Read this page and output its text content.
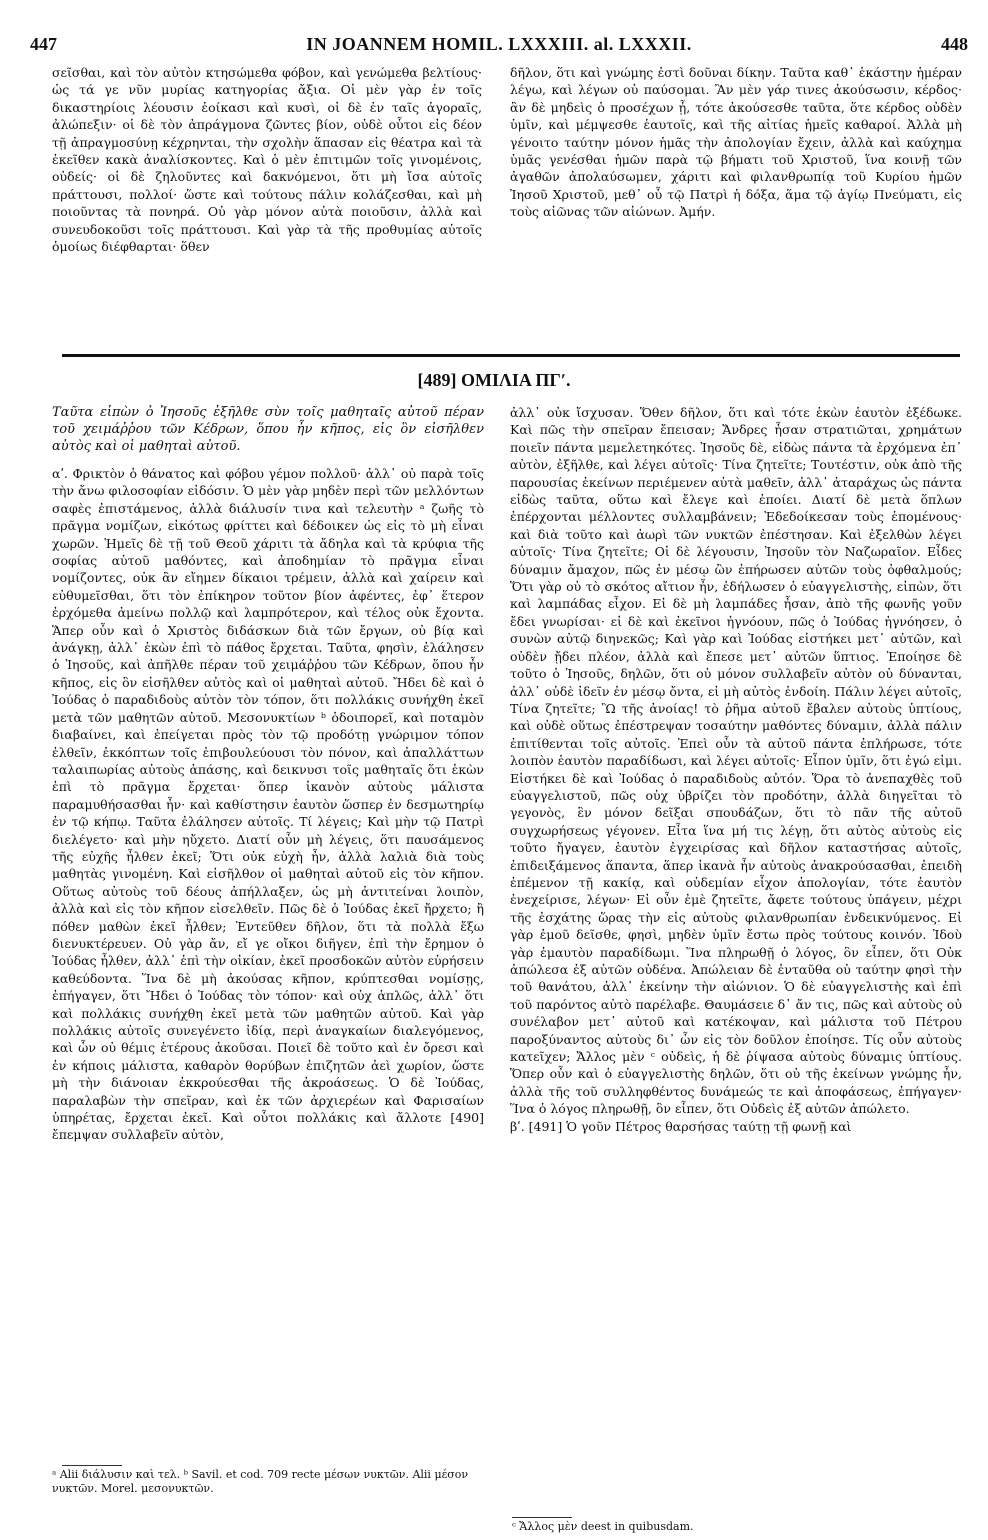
447	IN JOANNEM HOMIL. LXXXIII. al. LXXXII.	448

σεῖσθαι, καὶ τὸν αὐτὸν κτησώμεθα φόβον, καὶ γενώμεθα βελτίους· ὡς τά γε νῦν μυρίας κατηγορίας ἄξια. Οἱ μὲν γὰρ ἐν τοῖς δικαστηρίοις λέουσιν ἐοίκασι καὶ κυσὶ, οἱ δὲ ἐν ταῖς ἀγοραῖς, ἀλώπεξιν· οἱ δὲ τὸν ἀπράγμονα ζῶντες βίον, οὐδὲ οὗτοι εἰς δέον τῇ ἀπραγμοσύνῃ κέχρηνται, τὴν σχολὴν ἅπασαν εἰς θέατρα καὶ τὰ ἐκεῖθεν κακὰ ἀναλίσκοντες. Καὶ ὁ μὲν ἐπιτιμῶν τοῖς γινομένοις, οὐδείς· οἱ δὲ ζηλοῦντες καὶ δακνόμενοι, ὅτι μὴ ἴσα αὐτοῖς πράττουσι, πολλοί· ὥστε καὶ τούτους πάλιν κολάζεσθαι, καὶ μὴ ποιοῦντας τὰ πονηρά. Οὐ γὰρ μόνον αὐτὰ ποιοῦσιν, ἀλλὰ καὶ συνευδοκοῦσι τοῖς πράττουσι. Καὶ γὰρ τὰ τῆς προθυμίας αὐτοῖς ὁμοίως διέφθαρται· ὅθεν

δῆλον, ὅτι καὶ γνώμης ἐστὶ δοῦναι δίκην. Ταῦτα καθ᾿ ἑκάστην ἡμέραν λέγω, καὶ λέγων οὐ παύσομαι. Ἂν μὲν γάρ τινες ἀκούσωσιν, κέρδος· ἂν δὲ μηδεὶς ὁ προσέχων ᾖ, τότε ἀκούσεσθε ταῦτα, ὅτε κέρδος οὐδὲν ὑμῖν, καὶ μέμψεσθε ἑαυτοῖς, καὶ τῆς αἰτίας ἡμεῖς καθαροί. Ἀλλὰ μὴ γένοιτο ταύτην μόνον ἡμᾶς τὴν ἀπολογίαν ἔχειν, ἀλλὰ καὶ καύχημα ὑμᾶς γενέσθαι ἡμῶν παρὰ τῷ βήματι τοῦ Χριστοῦ, ἵνα κοινῇ τῶν ἀγαθῶν ἀπολαύσωμεν, χάριτι καὶ φιλανθρωπίᾳ τοῦ Κυρίου ἡμῶν Ἰησοῦ Χριστοῦ, μεθ᾿ οὗ τῷ Πατρὶ ἡ δόξα, ἅμα τῷ ἁγίῳ Πνεύματι, εἰς τοὺς αἰῶνας τῶν αἰώνων. Ἀμήν.

[489] ΟΜΙΛΙΑ ΠΓʹ.

Ταῦτα εἰπὼν ὁ Ἰησοῦς ἐξῆλθε σὺν τοῖς μαθηταῖς αὐτοῦ πέραν τοῦ χειμάῤῥου τῶν Κέδρων, ὅπου ἦν κῆπος, εἰς ὃν εἰσῆλθεν αὐτὸς καὶ οἱ μαθηταὶ αὐτοῦ.

αʹ. Φρικτὸν ὁ θάνατος καὶ φόβου γέμον πολλοῦ· ἀλλ᾿ οὐ παρὰ τοῖς τὴν ἄνω φιλοσοφίαν εἰδόσιν. Ὁ μὲν γὰρ μηδὲν περὶ τῶν μελλόντων σαφὲς ἐπιστάμενος, ἀλλὰ διάλυσίν τινα καὶ τελευτὴν ᵃ ζωῆς τὸ πρᾶγμα νομίζων, εἰκότως φρίττει καὶ δέδοικεν ὡς εἰς τὸ μὴ εἶναι χωρῶν. Ἡμεῖς δὲ τῇ τοῦ Θεοῦ χάριτι τὰ ἄδηλα καὶ τὰ κρύφια τῆς σοφίας αὐτοῦ μαθόντες, καὶ ἀποδημίαν τὸ πρᾶγμα εἶναι νομίζοντες, οὐκ ἂν εἴημεν δίκαιοι τρέμειν, ἀλλὰ καὶ χαίρειν καὶ εὐθυμεῖσθαι, ὅτι τὸν ἐπίκηρον τοῦτον βίον ἀφέντες, ἐφ᾿ ἕτερον ἐρχόμεθα ἀμείνω πολλῷ καὶ λαμπρότερον, καὶ τέλος οὐκ ἔχοντα. Ἅπερ οὖν καὶ ὁ Χριστὸς διδάσκων διὰ τῶν ἔργων, οὐ βίᾳ καὶ ἀνάγκῃ, ἀλλ᾿ ἑκὼν ἐπὶ τὸ πάθος ἔρχεται. Ταῦτα, φησὶν, ἐλάλησεν ὁ Ἰησοῦς, καὶ ἀπῆλθε πέραν τοῦ χειμάῤῥου τῶν Κέδρων, ὅπου ἦν κῆπος, εἰς ὃν εἰσῆλθεν αὐτὸς καὶ οἱ μαθηταὶ αὐτοῦ. Ἤδει δὲ καὶ ὁ Ἰούδας ὁ παραδιδοὺς αὐτὸν τὸν τόπον, ὅτι πολλάκις συνήχθη ἐκεῖ μετὰ τῶν μαθητῶν αὐτοῦ. Μεσονυκτίων ᵇ ὁδοιπορεῖ, καὶ ποταμὸν διαβαίνει, καὶ ἐπείγεται πρὸς τὸν τῷ προδότῃ γνώριμον τόπον ἐλθεῖν, ἐκκόπτων τοῖς ἐπιβουλεύουσι τὸν πόνον, καὶ ἀπαλλάττων ταλαιπωρίας αὐτοὺς ἁπάσης, καὶ δεικνυσι τοῖς μαθηταῖς ὅτι ἑκὼν ἐπὶ τὸ πρᾶγμα ἔρχεται· ὅπερ ἱκανὸν αὐτοὺς μάλιστα παραμυθήσασθαι ἦν· καὶ καθίστησιν ἑαυτὸν ὥσπερ ἐν δεσμωτηρίῳ ἐν τῷ κήπῳ. Ταῦτα ἐλάλησεν αὐτοῖς. Τί λέγεις; Καὶ μὴν τῷ Πατρὶ διελέγετο· καὶ μὴν ηὔχετο. Διατί οὖν μὴ λέγεις, ὅτι παυσάμενος τῆς εὐχῆς ἦλθεν ἐκεῖ; Ὅτι οὐκ εὐχὴ ἦν, ἀλλὰ λαλιὰ διὰ τοὺς μαθητὰς γινομένη. Καὶ εἰσῆλθον οἱ μαθηταὶ αὐτοῦ εἰς τὸν κῆπον. Οὕτως αὐτοὺς τοῦ δέους ἀπήλλαξεν, ὡς μὴ ἀντιτείναι λοιπὸν, ἀλλὰ καὶ εἰς τὸν κῆπον εἰσελθεῖν. Πῶς δὲ ὁ Ἰούδας ἐκεῖ ἤρχετο; ἢ πόθεν μαθὼν ἐκεῖ ἦλθεν; Ἐντεῦθεν δῆλον, ὅτι τὰ πολλὰ ἔξω διενυκτέρευεν. Οὐ γὰρ ἄν, εἴ γε οἴκοι διῆγεν, ἐπὶ τὴν ἔρημον ὁ Ἰούδας ἦλθεν, ἀλλ᾿ ἐπὶ τὴν οἰκίαν, ἐκεῖ προσδοκῶν αὐτὸν εὑρήσειν καθεύδοντα. Ἵνα δὲ μὴ ἀκούσας κῆπον, κρύπτεσθαι νομίσῃς, ἐπήγαγεν, ὅτι Ἤδει ὁ Ἰούδας τὸν τόπον· καὶ οὐχ ἁπλῶς, ἀλλ᾿ ὅτι καὶ πολλάκις συνήχθη ἐκεῖ μετὰ τῶν μαθητῶν αὐτοῦ. Καὶ γὰρ πολλάκις αὐτοῖς συνεγένετο ἰδίᾳ, περὶ ἀναγκαίων διαλεγόμενος, καὶ ὧν οὐ θέμις ἑτέρους ἀκοῦσαι. Ποιεῖ δὲ τοῦτο καὶ ἐν ὄρεσι καὶ ἐν κήποις μάλιστα, καθαρὸν θορύβων ἐπιζητῶν ἀεὶ χωρίον, ὥστε μὴ τὴν διάνοιαν ἐκκρούεσθαι τῆς ἀκροάσεως. Ὁ δὲ Ἰούδας, παραλαβὼν τὴν σπεῖραν, καὶ ἐκ τῶν ἀρχιερέων καὶ Φαρισαίων ὑπηρέτας, ἔρχεται ἐκεῖ. Καὶ οὗτοι πολλάκις καὶ ἄλλοτε [490] ἔπεμψαν συλλαβεῖν αὐτὸν,

ἀλλ᾿ οὐκ ἴσχυσαν. Ὅθεν δῆλον, ὅτι καὶ τότε ἑκὼν ἑαυτὸν ἐξέδωκε. Καὶ πῶς τὴν σπεῖραν ἔπεισαν; Ἄνδρες ἦσαν στρατιῶται, χρημάτων ποιεῖν πάντα μεμελετηκότες. Ἰησοῦς δὲ, εἰδὼς πάντα τὰ ἐρχόμενα ἐπ᾿ αὐτὸν, ἐξῆλθε, καὶ λέγει αὐτοῖς· Τίνα ζητεῖτε; Τουτέστιν, οὐκ ἀπὸ τῆς παρουσίας ἐκείνων περιέμενεν αὐτὰ μαθεῖν, ἀλλ᾿ ἀταράχως ὡς πάντα εἰδὼς ταῦτα, οὕτω καὶ ἔλεγε καὶ ἐποίει. Διατί δὲ μετὰ ὅπλων ἐπέρχονται μέλλοντες συλλαμβάνειν; Ἐδεδοίκεσαν τοὺς ἑπομένους· καὶ διὰ τοῦτο καὶ ἀωρὶ τῶν νυκτῶν ἐπέστησαν. Καὶ ἐξελθὼν λέγει αὐτοῖς· Τίνα ζητεῖτε; Οἱ δὲ λέγουσιν, Ἰησοῦν τὸν Ναζωραῖον. Εἶδες δύναμιν ἄμαχον, πῶς ἐν μέσῳ ὢν ἐπήρωσεν αὐτῶν τοὺς ὀφθαλμούς; Ὅτι γὰρ οὐ τὸ σκότος αἴτιον ἦν, ἐδήλωσεν ὁ εὐαγγελιστὴς, εἰπὼν, ὅτι καὶ λαμπάδας εἶχον. Εἰ δὲ μὴ λαμπάδες ἦσαν, ἀπὸ τῆς φωνῆς γοῦν ἔδει γνωρίσαι· εἰ δὲ καὶ ἐκεῖνοι ἠγνόουν, πῶς ὁ Ἰούδας ἠγνόησεν, ὁ συνὼν αὐτῷ διηνεκῶς; Καὶ γὰρ καὶ Ἰούδας εἱστήκει μετ᾿ αὐτῶν, καὶ οὐδὲν ᾔδει πλέον, ἀλλὰ καὶ ἔπεσε μετ᾿ αὐτῶν ὕπτιος. Ἐποίησε δὲ τοῦτο ὁ Ἰησοῦς, δηλῶν, ὅτι οὐ μόνον συλλαβεῖν αὐτὸν οὐ δύνανται, ἀλλ᾿ οὐδὲ ἰδεῖν ἐν μέσῳ ὄντα, εἰ μὴ αὐτὸς ἐνδοίη. Πάλιν λέγει αὐτοῖς, Τίνα ζητεῖτε; Ὢ τῆς ἀνοίας! τὸ ῥῆμα αὐτοῦ ἔβαλεν αὐτοὺς ὑπτίους, καὶ οὐδὲ οὕτως ἐπέστρεψαν τοσαύτην μαθόντες δύναμιν, ἀλλὰ πάλιν ἐπιτίθενται τοῖς αὐτοῖς. Ἐπεὶ οὖν τὰ αὐτοῦ πάντα ἐπλήρωσε, τότε λοιπὸν ἑαυτὸν παραδίδωσι, καὶ λέγει αὐτοῖς· Εἶπον ὑμῖν, ὅτι ἐγώ εἰμι. Εἱστήκει δὲ καὶ Ἰούδας ὁ παραδιδοὺς αὐτόν. Ὅρα τὸ ἀνεπαχθὲς τοῦ εὐαγγελιστοῦ, πῶς οὐχ ὑβρίζει τὸν προδότην, ἀλλὰ διηγεῖται τὸ γεγονὸς, ἓν μόνον δεῖξαι σπουδάζων, ὅτι τὸ πᾶν τῆς αὐτοῦ συγχωρήσεως γέγονεν. Εἶτα ἵνα μή τις λέγῃ, ὅτι αὐτὸς αὐτοὺς εἰς τοῦτο ἤγαγεν, ἑαυτὸν ἐγχειρίσας καὶ δῆλον καταστήσας αὐτοῖς, ἐπιδειξάμενος ἅπαντα, ἅπερ ἱκανὰ ἦν αὐτοὺς ἀνακρούσασθαι, ἐπειδὴ ἐπέμενον τῇ κακίᾳ, καὶ οὐδεμίαν εἶχον ἀπολογίαν, τότε ἑαυτὸν ἐνεχείρισε, λέγων· Εἰ οὖν ἐμὲ ζητεῖτε, ἄφετε τούτους ὑπάγειν, μέχρι τῆς ἐσχάτης ὥρας τὴν εἰς αὐτοὺς φιλανθρωπίαν ἐνδεικνύμενος. Εἰ γὰρ ἐμοῦ δεῖσθε, φησὶ, μηδὲν ὑμῖν ἔστω πρὸς τούτους κοινόν. Ἰδοὺ γὰρ ἐμαυτὸν παραδίδωμι. Ἵνα πληρωθῇ ὁ λόγος, ὃν εἶπεν, ὅτι Οὐκ ἀπώλεσα ἐξ αὐτῶν οὐδένα. Ἀπώλειαν δὲ ἐνταῦθα οὐ ταύτην φησὶ τὴν τοῦ θανάτου, ἀλλ᾿ ἐκείνην τὴν αἰώνιον. Ὁ δὲ εὐαγγελιστὴς καὶ ἐπὶ τοῦ παρόντος αὐτὸ παρέλαβε. Θαυμάσειε δ᾿ ἄν τις, πῶς καὶ αὐτοὺς οὐ συνέλαβον μετ᾿ αὐτοῦ καὶ κατέκοψαν, καὶ μάλιστα τοῦ Πέτρου παροξύναντος αὐτοὺς δι᾿ ὧν εἰς τὸν δοῦλον ἐποίησε. Τίς οὖν αὐτοὺς κατεῖχεν; Ἄλλος μὲν ᶜ οὐδεὶς, ἡ δὲ ῥίψασα αὐτοὺς δύναμις ὑπτίους. Ὅπερ οὖν καὶ ὁ εὐαγγελιστὴς δηλῶν, ὅτι οὐ τῆς ἐκείνων γνώμης ἦν, ἀλλὰ τῆς τοῦ συλληφθέντος δυνάμεώς τε καὶ ἀποφάσεως, ἐπήγαγεν· Ἵνα ὁ λόγος πληρωθῇ, ὃν εἶπεν, ὅτι Οὐδεὶς ἐξ αὐτῶν ἀπώλετο.

βʹ. [491] Ὁ γοῦν Πέτρος θαρσήσας ταύτῃ τῇ φωνῇ καὶ

ᵃ Alii διάλυσιν καὶ τελ. ᵇ Savil. et cod. 709 recte μέσων νυκτῶν. Alii μέσον νυκτῶν. Morel. μεσονυκτῶν.
ᶜ Ἄλλος μὲν deest in quibusdam.
